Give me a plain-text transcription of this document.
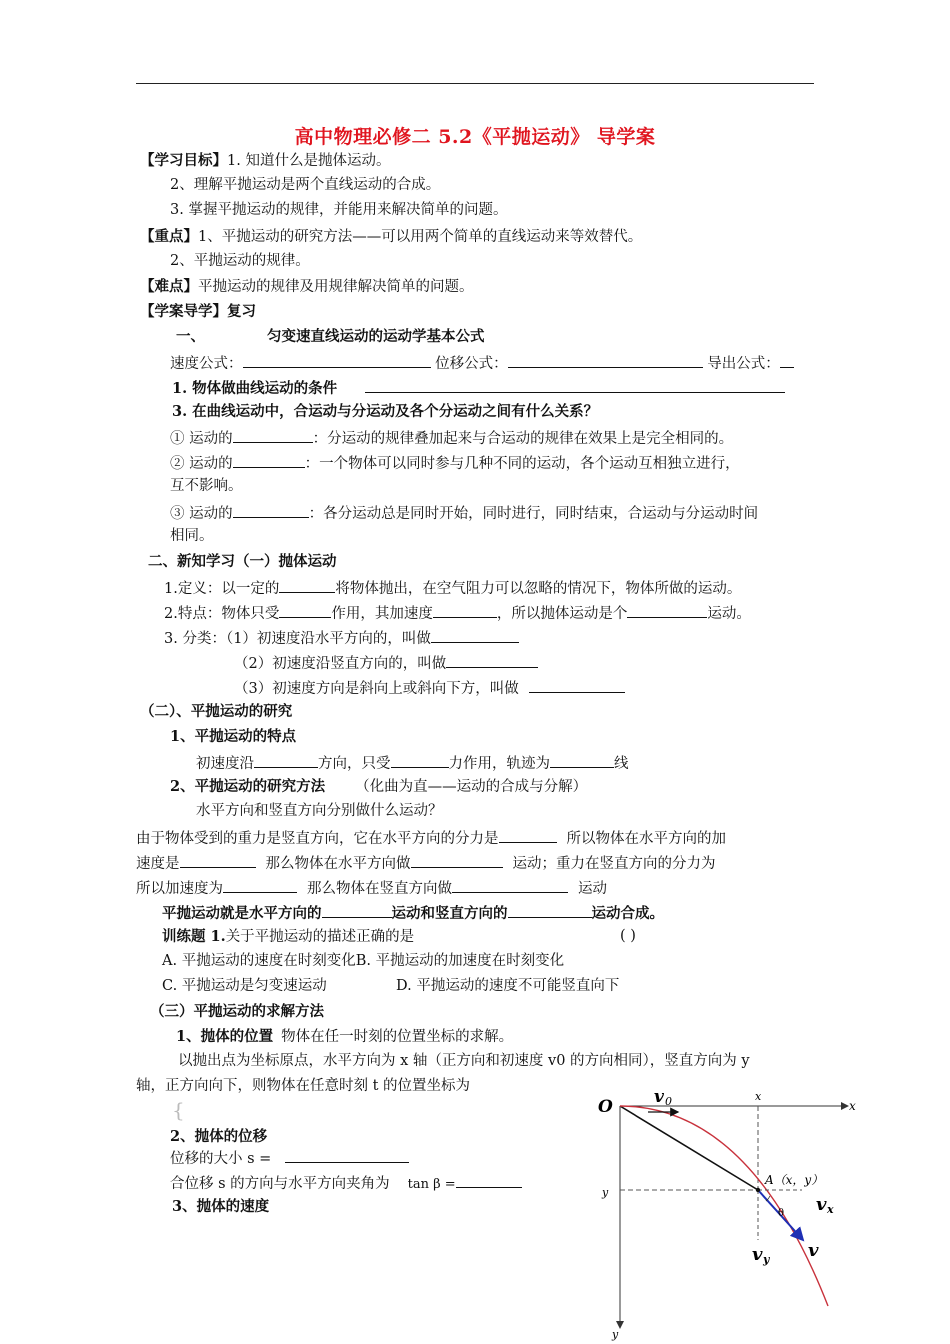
高中物理必修二 5.2《平抛运动》 导学案
【学习目标】1. 知道什么是抛体运动。
2、理解平抛运动是两个直线运动的合成。
3. 掌握平抛运动的规律，并能用来解决简单的问题。
【重点】1、平抛运动的研究方法——可以用两个简单的直线运动来等效替代。
2、平抛运动的规律。
【难点】平抛运动的规律及用规律解决简单的问题。
【学案导学】复习
一、	匀变速直线运动的运动学基本公式
速度公式：	位移公式：	导出公式：
1. 物体做曲线运动的条件
3. 在曲线运动中，合运动与分运动及各个分运动之间有什么关系？
① 运动的	：分运动的规律叠加起来与合运动的规律在效果上是完全相同的。
② 运动的	：一个物体可以同时参与几种不同的运动，各个运动互相独立进行，
互不影响。
③ 运动的	：各分运动总是同时开始，同时进行，同时结束，合运动与分运动时间
相同。
二、新知学习（一）抛体运动
1.定义：以一定的	将物体抛出，在空气阻力可以忽略的情况下，物体所做的运动。
2.特点：物体只受	作用，其加速度	，所以抛体运动是个	运动。
3. 分类：（1）初速度沿水平方向的，叫做
（2）初速度沿竖直方向的，叫做
（3）初速度方向是斜向上或斜向下方，叫做
（二）、平抛运动的研究
1、平抛运动的特点
初速度沿	方向，只受	力作用，轨迹为	线
2、平抛运动的研究方法 （化曲为直——运动的合成与分解）
水平方向和竖直方向分别做什么运动？
由于物体受到的重力是竖直方向，它在水平方向的分力是	所以物体在水平方向的加
速度是	那么物体在水平方向做	运动；重力在竖直方向的分力为
所以加速度为	那么物体在竖直方向做	运动
平抛运动就是水平方向的	运动和竖直方向的	运动合成。
训练题 1.关于平抛运动的描述正确的是	( )
A. 平抛运动的速度在时刻变化B. 平抛运动的加速度在时刻变化
C. 平抛运动是匀变速运动	D. 平抛运动的速度不可能竖直向下
（三）平抛运动的求解方法
1、抛体的位置 物体在任一时刻的位置坐标的求解。
以抛出点为坐标原点，水平方向为 x 轴（正方向和初速度 v0 的方向相同），竖直方向为 y
轴，正方向向下，则物体在任意时刻 t 的位置坐标为
{
2、抛体的位移
位移的大小 s =
合位移 s 的方向与水平方向夹角为 tan β =
3、抛体的速度
O v 0	x
x
y
y
A（x，y）
θ v x
v y v
